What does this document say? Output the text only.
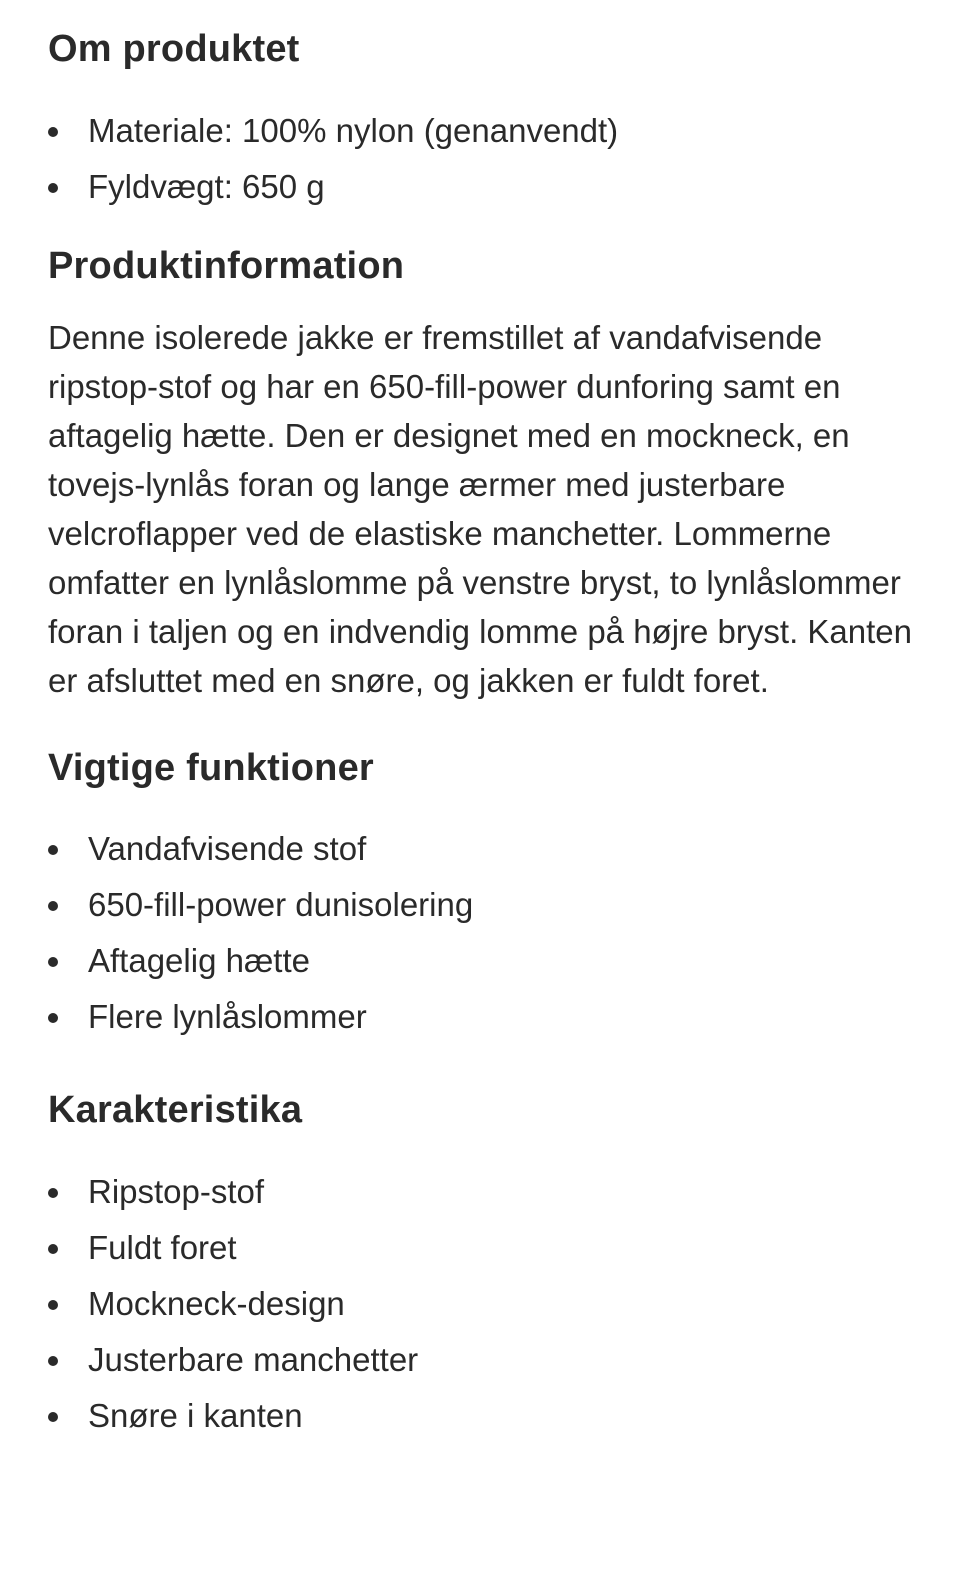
Om produktet
Materiale: 100% nylon (genanvendt)
Fyldvægt: 650 g
Produktinformation

Denne isolerede jakke er fremstillet af vandafvisende ripstop-stof og har en 650-fill-power dunforing samt en aftagelig hætte. Den er designet med en mockneck, en tovejs-lynlås foran og lange ærmer med justerbare velcroflapper ved de elastiske manchetter. Lommerne omfatter en lynlåslomme på venstre bryst, to lynlåslommer foran i taljen og en indvendig lomme på højre bryst. Kanten er afsluttet med en snøre, og jakken er fuldt foret.

Vigtige funktioner
Vandafvisende stof
650-fill-power dunisolering
Aftagelig hætte
Flere lynlåslommer
Karakteristika
Ripstop-stof
Fuldt foret
Mockneck-design
Justerbare manchetter
Snøre i kanten
